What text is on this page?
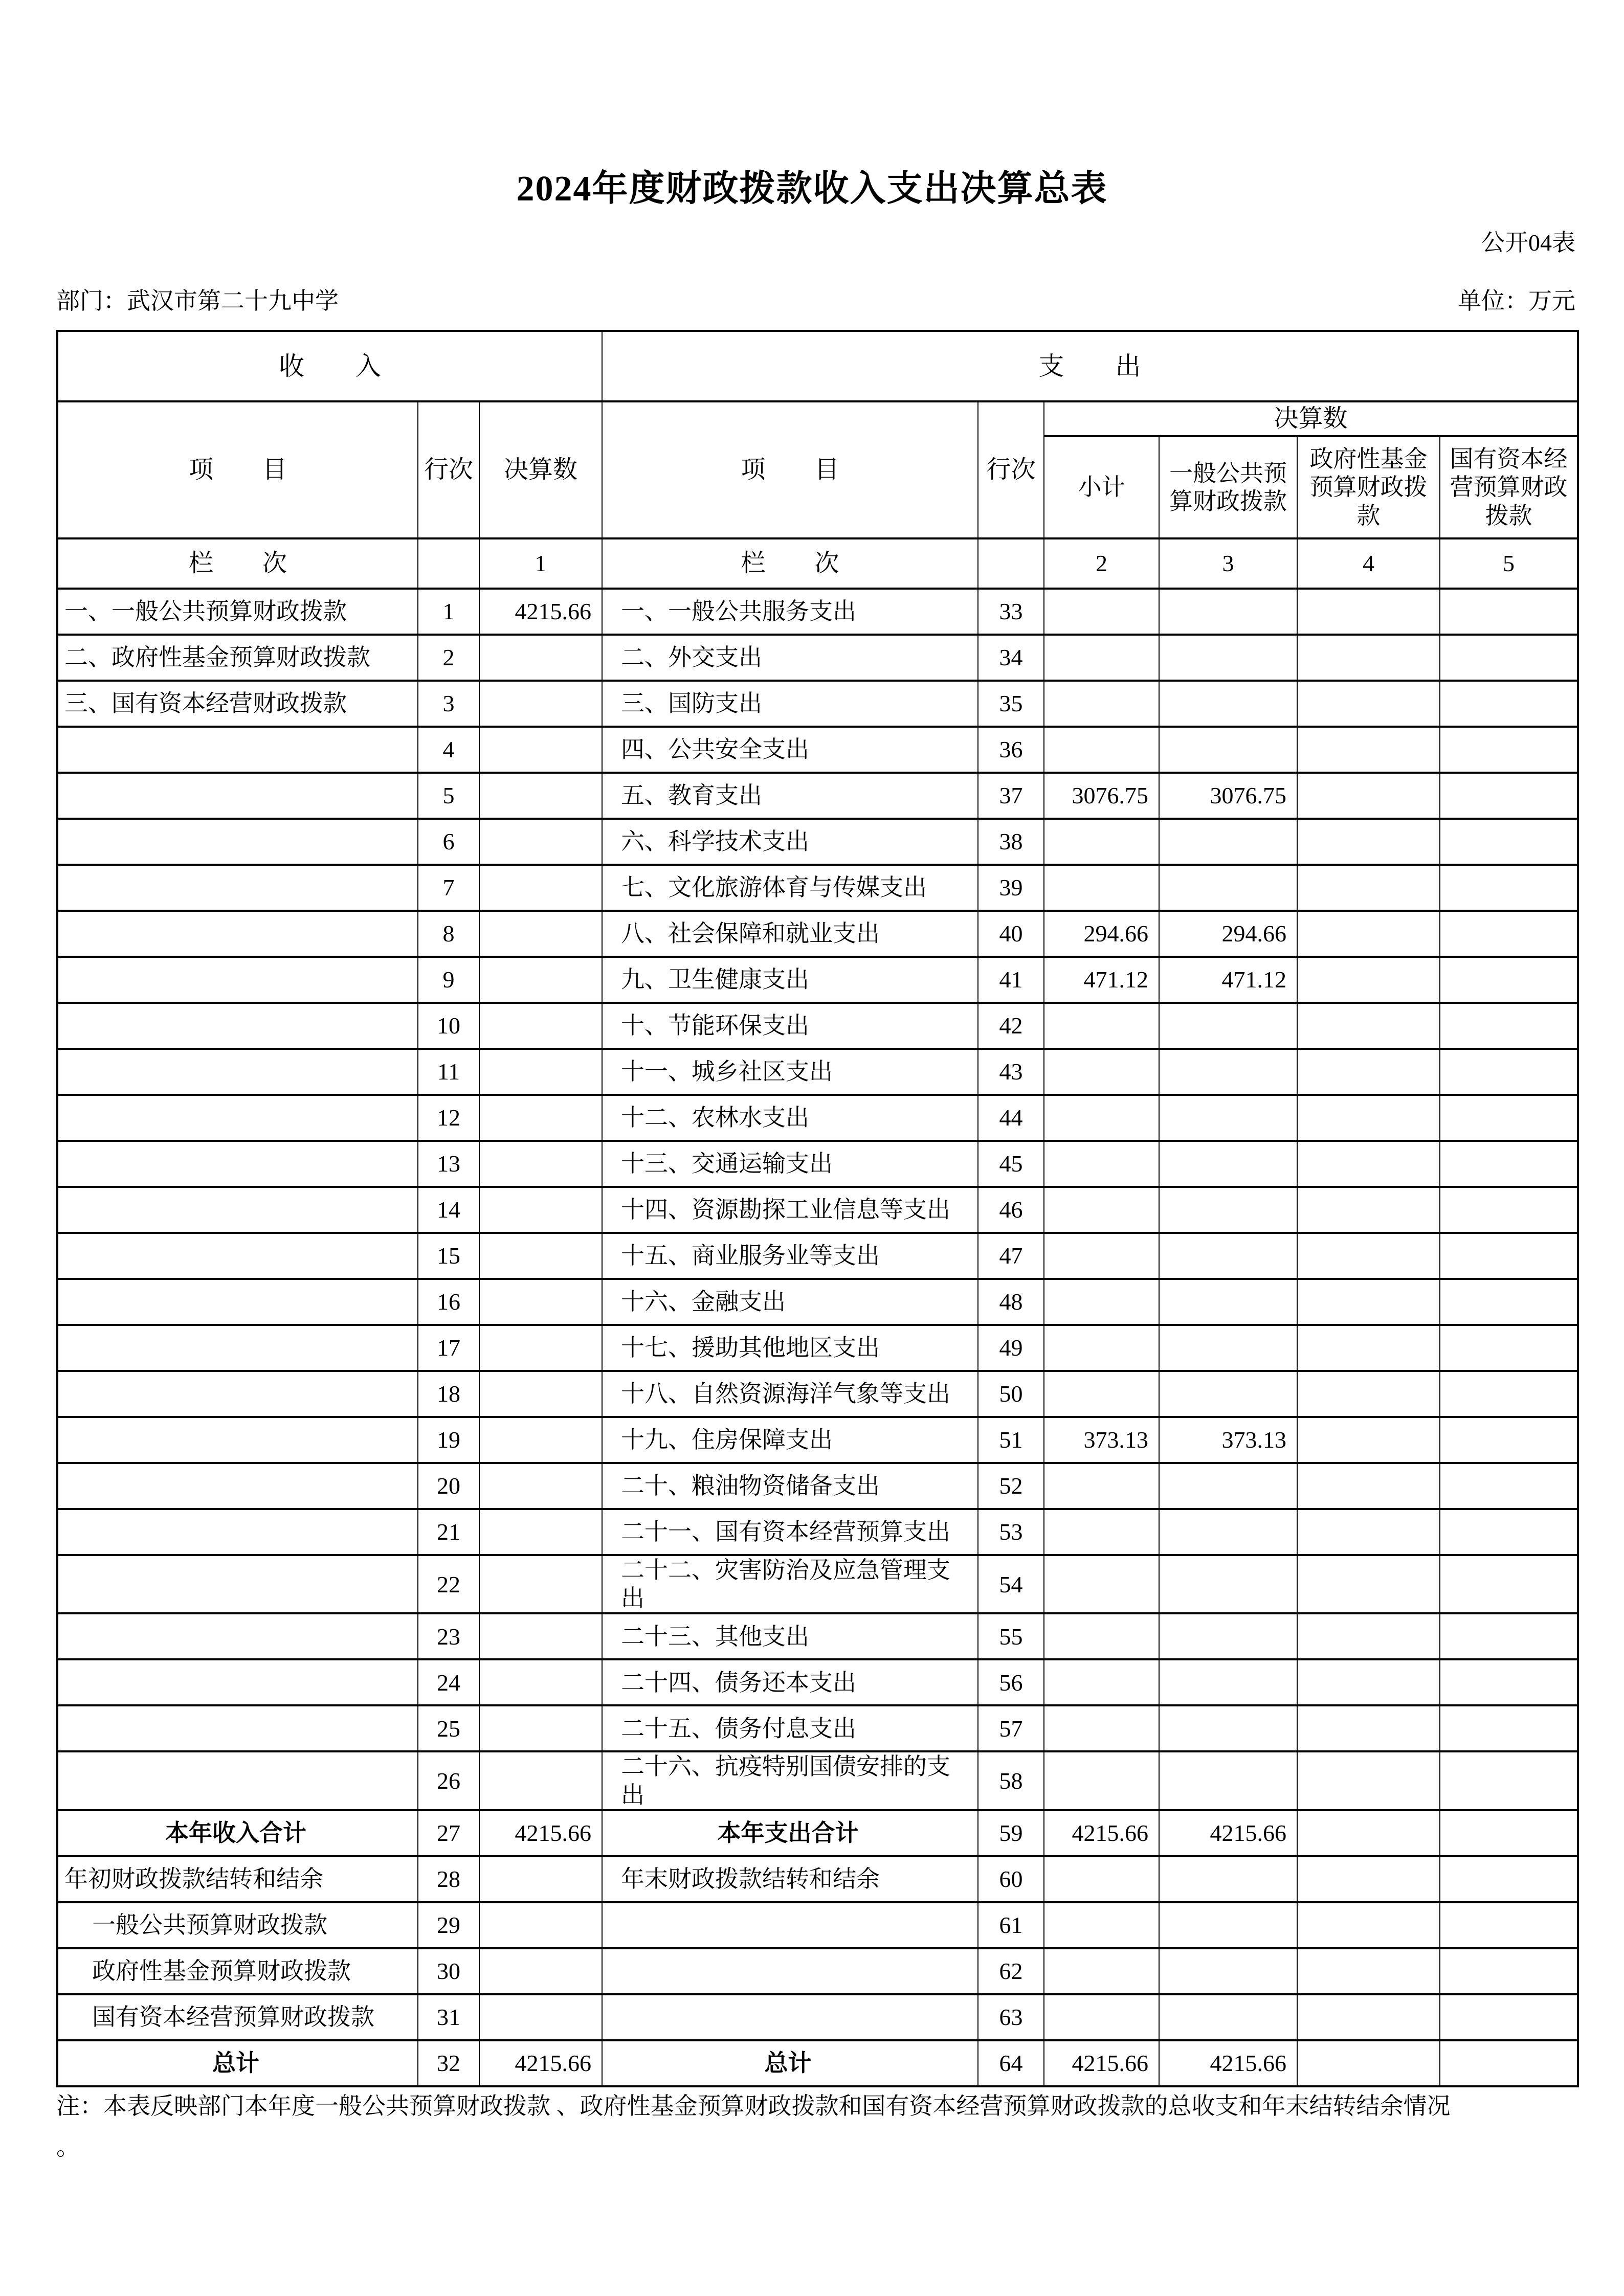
2024年度财政拨款收入支出决算总表
公开04表
部门：武汉市第二十九中学	单位：万元
收　　入			支　　出					
项　　目	行次	决算数	项　　目	行次	决算数			
					小计	一般公共预算财政拨款	政府性基金预算财政拨款	国有资本经营预算财政拨款
栏　　次		1	栏　　次		2	3	4	5
一、一般公共预算财政拨款	1	4215.66	一、一般公共服务支出	33				
二、政府性基金预算财政拨款	2		二、外交支出	34				
三、国有资本经营财政拨款	3		三、国防支出	35				
	4		四、公共安全支出	36				
	5		五、教育支出	37	3076.75	3076.75		
	6		六、科学技术支出	38				
	7		七、文化旅游体育与传媒支出	39				
	8		八、社会保障和就业支出	40	294.66	294.66		
	9		九、卫生健康支出	41	471.12	471.12		
	10		十、节能环保支出	42				
	11		十一、城乡社区支出	43				
	12		十二、农林水支出	44				
	13		十三、交通运输支出	45				
	14		十四、资源勘探工业信息等支出	46				
	15		十五、商业服务业等支出	47				
	16		十六、金融支出	48				
	17		十七、援助其他地区支出	49				
	18		十八、自然资源海洋气象等支出	50				
	19		十九、住房保障支出	51	373.13	373.13		
	20		二十、粮油物资储备支出	52				
	21		二十一、国有资本经营预算支出	53				
	22		二十二、灾害防治及应急管理支出	54				
	23		二十三、其他支出	55				
	24		二十四、债务还本支出	56				
	25		二十五、债务付息支出	57				
	26		二十六、抗疫特别国债安排的支出	58				
本年收入合计	27	4215.66	本年支出合计	59	4215.66	4215.66		
年初财政拨款结转和结余	28		年末财政拨款结转和结余	60				
一般公共预算财政拨款	29			61				
政府性基金预算财政拨款	30			62				
国有资本经营预算财政拨款	31			63				
总计	32	4215.66	总计	64	4215.66	4215.66		
注：本表反映部门本年度一般公共预算财政拨款 、政府性基金预算财政拨款和国有资本经营预算财政拨款的总收支和年末结转结余情况
。
